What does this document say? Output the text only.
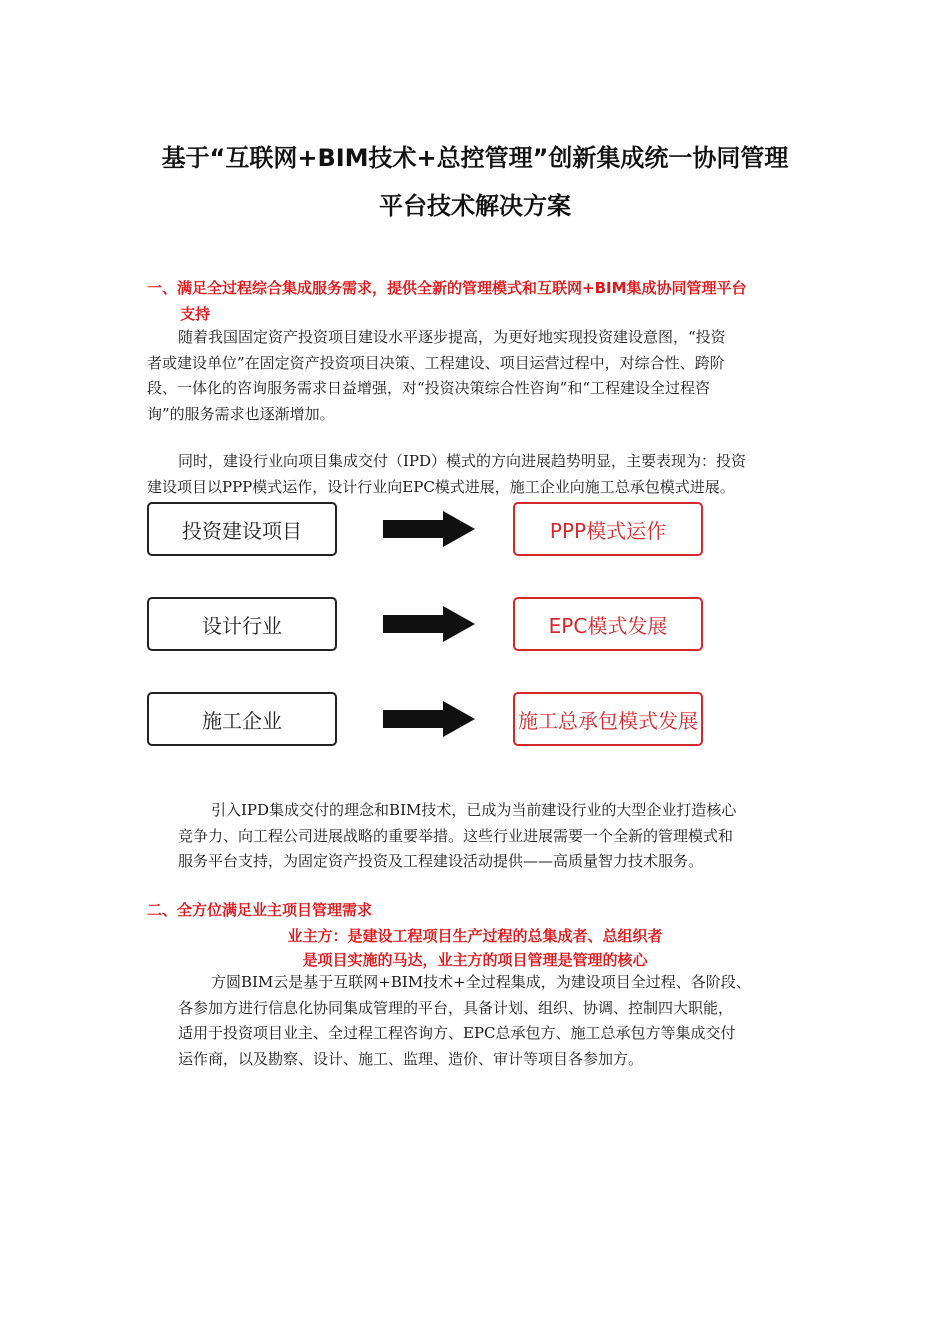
基于“互联网+BIM技术+总控管理”创新集成统一协同管理
平台技术解决方案
一、满足全过程综合集成服务需求，提供全新的管理模式和互联网+BIM集成协同管理平台
支持
随着我国固定资产投资项目建设水平逐步提高，为更好地实现投资建设意图，“投资
者或建设单位”在固定资产投资项目决策、工程建设、项目运营过程中，对综合性、跨阶
段、一体化的咨询服务需求日益增强，对“投资决策综合性咨询”和“工程建设全过程咨
询”的服务需求也逐渐增加。
同时，建设行业向项目集成交付（IPD）模式的方向进展趋势明显，主要表现为：投资
建设项目以PPP模式运作，设计行业向EPC模式进展，施工企业向施工总承包模式进展。
投资建设项目	PPP模式运作
设计行业	EPC模式发展
施工企业	施工总承包模式发展
引入IPD集成交付的理念和BIM技术，已成为当前建设行业的大型企业打造核心
竞争力、向工程公司进展战略的重要举措。这些行业进展需要一个全新的管理模式和
服务平台支持，为固定资产投资及工程建设活动提供——高质量智力技术服务。
二、全方位满足业主项目管理需求
业主方：是建设工程项目生产过程的总集成者、总组织者
是项目实施的马达，业主方的项目管理是管理的核心
方圆BIM云是基于互联网+BIM技术+全过程集成，为建设项目全过程、各阶段、
各参加方进行信息化协同集成管理的平台，具备计划、组织、协调、控制四大职能，
适用于投资项目业主、全过程工程咨询方、EPC总承包方、施工总承包方等集成交付
运作商，以及勘察、设计、施工、监理、造价、审计等项目各参加方。
